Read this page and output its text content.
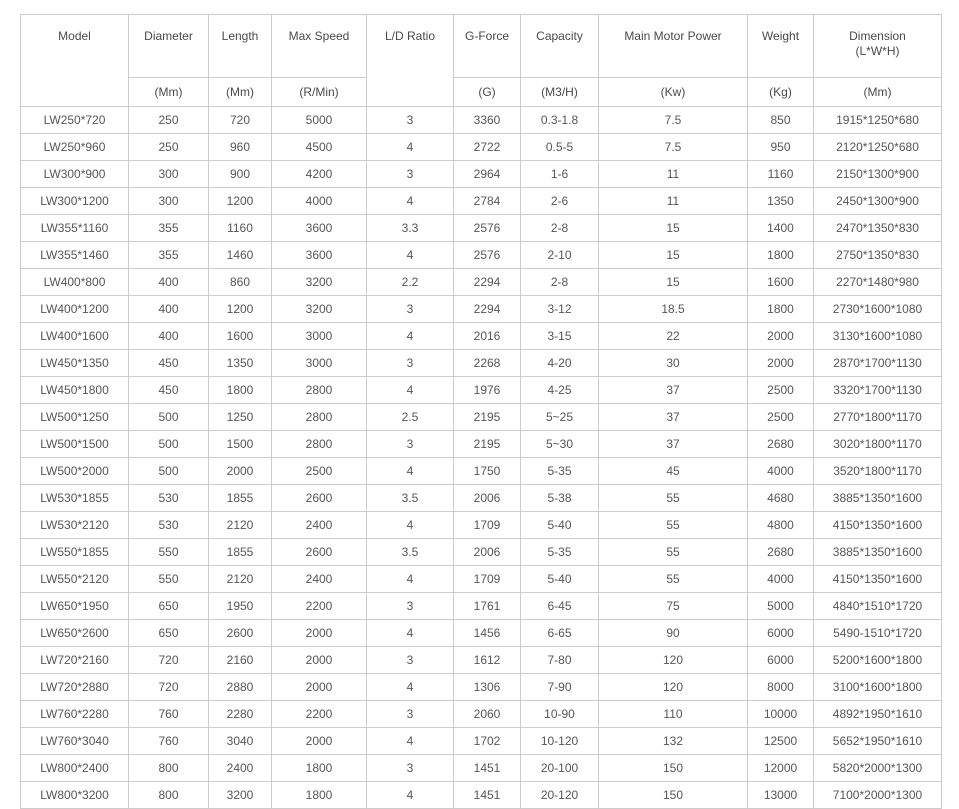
Model	Diameter	Length	Max Speed	L/D Ratio	G-Force	Capacity	Main Motor Power	Weight	Dimension
(L*W*H)

	(Mm)	(Mm)	(R/Min)		(G)	(M3/H)	(Kw)	(Kg)	(Mm)
LW250*720	250	720	5000	3	3360	0.3-1.8	7.5	850	1915*1250*680
LW250*960	250	960	4500	4	2722	0.5-5	7.5	950	2120*1250*680
LW300*900	300	900	4200	3	2964	1-6	11	1160	2150*1300*900
LW300*1200	300	1200	4000	4	2784	2-6	11	1350	2450*1300*900
LW355*1160	355	1160	3600	3.3	2576	2-8	15	1400	2470*1350*830
LW355*1460	355	1460	3600	4	2576	2-10	15	1800	2750*1350*830
LW400*800	400	860	3200	2.2	2294	2-8	15	1600	2270*1480*980
LW400*1200	400	1200	3200	3	2294	3-12	18.5	1800	2730*1600*1080
LW400*1600	400	1600	3000	4	2016	3-15	22	2000	3130*1600*1080
LW450*1350	450	1350	3000	3	2268	4-20	30	2000	2870*1700*1130
LW450*1800	450	1800	2800	4	1976	4-25	37	2500	3320*1700*1130
LW500*1250	500	1250	2800	2.5	2195	5~25	37	2500	2770*1800*1170
LW500*1500	500	1500	2800	3	2195	5~30	37	2680	3020*1800*1170
LW500*2000	500	2000	2500	4	1750	5-35	45	4000	3520*1800*1170
LW530*1855	530	1855	2600	3.5	2006	5-38	55	4680	3885*1350*1600
LW530*2120	530	2120	2400	4	1709	5-40	55	4800	4150*1350*1600
LW550*1855	550	1855	2600	3.5	2006	5-35	55	2680	3885*1350*1600
LW550*2120	550	2120	2400	4	1709	5-40	55	4000	4150*1350*1600
LW650*1950	650	1950	2200	3	1761	6-45	75	5000	4840*1510*1720
LW650*2600	650	2600	2000	4	1456	6-65	90	6000	5490-1510*1720
LW720*2160	720	2160	2000	3	1612	7-80	120	6000	5200*1600*1800
LW720*2880	720	2880	2000	4	1306	7-90	120	8000	3100*1600*1800
LW760*2280	760	2280	2200	3	2060	10-90	110	10000	4892*1950*1610
LW760*3040	760	3040	2000	4	1702	10-120	132	12500	5652*1950*1610
LW800*2400	800	2400	1800	3	1451	20-100	150	12000	5820*2000*1300
LW800*3200	800	3200	1800	4	1451	20-120	150	13000	7100*2000*1300
